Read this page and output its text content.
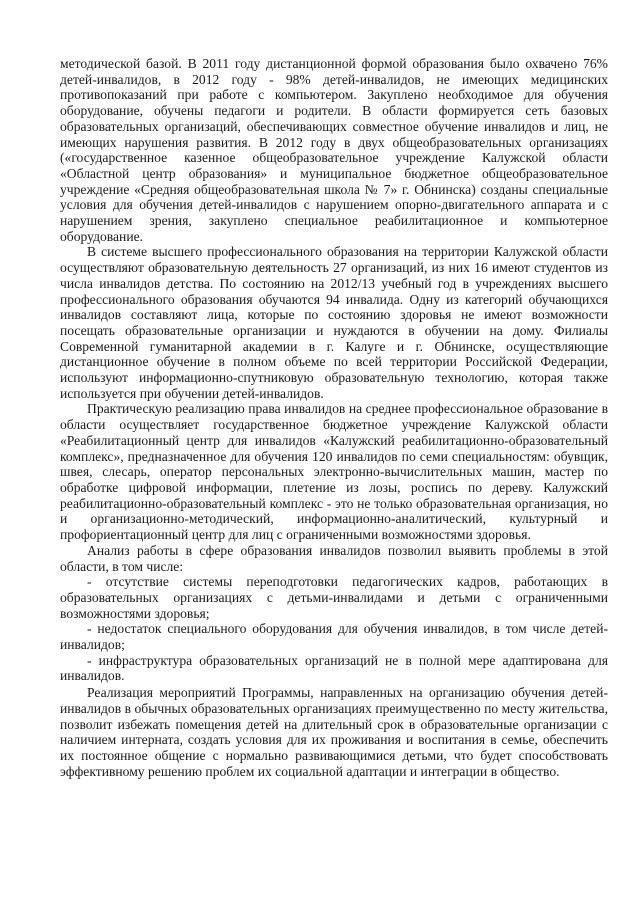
методической базой. В 2011 году дистанционной формой образования было охвачено 76% детей-инвалидов, в 2012 году - 98% детей-инвалидов, не имеющих медицинских противопоказаний при работе с компьютером. Закуплено необходимое для обучения оборудование, обучены педагоги и родители. В области формируется сеть базовых образовательных организаций, обеспечивающих совместное обучение инвалидов и лиц, не имеющих нарушения развития. В 2012 году в двух общеобразовательных организациях («государственное казенное общеобразовательное учреждение Калужской области «Областной центр образования» и муниципальное бюджетное общеобразовательное учреждение «Средняя общеобразовательная школа № 7» г. Обнинска) созданы специальные условия для обучения детей-инвалидов с нарушением опорно-двигательного аппарата и с нарушением зрения, закуплено специальное реабилитационное и компьютерное оборудование.

В системе высшего профессионального образования на территории Калужской области осуществляют образовательную деятельность 27 организаций, из них 16 имеют студентов из числа инвалидов детства. По состоянию на 2012/13 учебный год в учреждениях высшего профессионального образования обучаются 94 инвалида. Одну из категорий обучающихся инвалидов составляют лица, которые по состоянию здоровья не имеют возможности посещать образовательные организации и нуждаются в обучении на дому. Филиалы Современной гуманитарной академии в г. Калуге и г. Обнинске, осуществляющие дистанционное обучение в полном объеме по всей территории Российской Федерации, используют информационно-спутниковую образовательную технологию, которая также используется при обучении детей-инвалидов.

Практическую реализацию права инвалидов на среднее профессиональное образование в области осуществляет государственное бюджетное учреждение Калужской области «Реабилитационный центр для инвалидов «Калужский реабилитационно-образовательный комплекс», предназначенное для обучения 120 инвалидов по семи специальностям: обувщик, швея, слесарь, оператор персональных электронно-вычислительных машин, мастер по обработке цифровой информации, плетение из лозы, роспись по дереву. Калужский реабилитационно-образовательный комплекс - это не только образовательная организация, но и организационно-методический, информационно-аналитический, культурный и профориентационный центр для лиц с ограниченными возможностями здоровья.

Анализ работы в сфере образования инвалидов позволил выявить проблемы в этой области, в том числе:

- отсутствие системы переподготовки педагогических кадров, работающих в образовательных организациях с детьми-инвалидами и детьми с ограниченными возможностями здоровья;

- недостаток специального оборудования для обучения инвалидов, в том числе детей-инвалидов;

- инфраструктура образовательных организаций не в полной мере адаптирована для инвалидов.

Реализация мероприятий Программы, направленных на организацию обучения детей-инвалидов в обычных образовательных организациях преимущественно по месту жительства, позволит избежать помещения детей на длительный срок в образовательные организации с наличием интерната, создать условия для их проживания и воспитания в семье, обеспечить их постоянное общение с нормально развивающимися детьми, что будет способствовать эффективному решению проблем их социальной адаптации и интеграции в общество.
